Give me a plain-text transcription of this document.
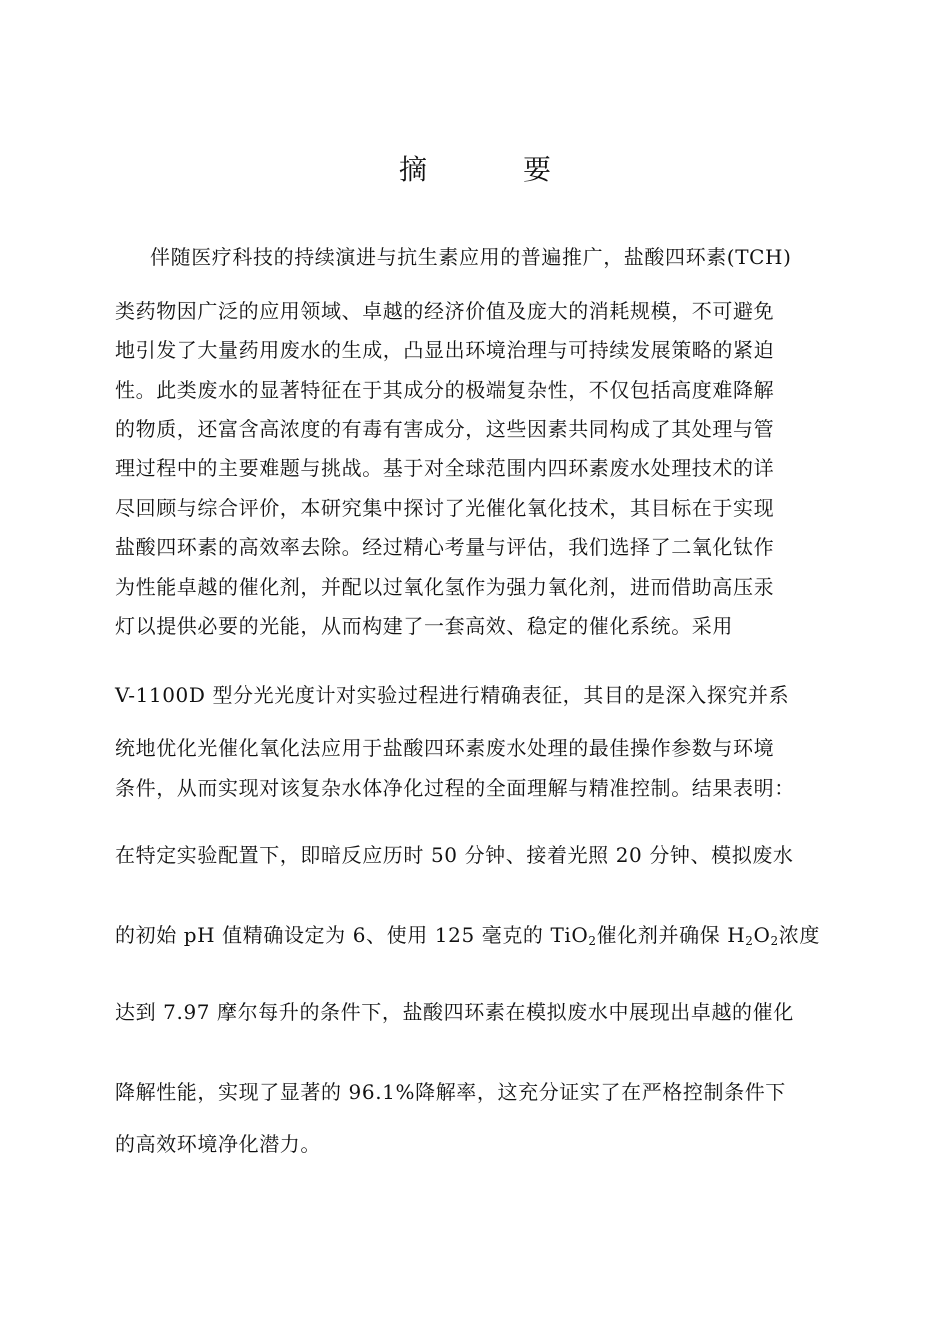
摘　要
伴随医疗科技的持续演进与抗生素应用的普遍推广，盐酸四环素(TCH)
类药物因广泛的应用领域、卓越的经济价值及庞大的消耗规模，不可避免
地引发了大量药用废水的生成，凸显出环境治理与可持续发展策略的紧迫
性。此类废水的显著特征在于其成分的极端复杂性，不仅包括高度难降解
的物质，还富含高浓度的有毒有害成分，这些因素共同构成了其处理与管
理过程中的主要难题与挑战。基于对全球范围内四环素废水处理技术的详
尽回顾与综合评价，本研究集中探讨了光催化氧化技术，其目标在于实现
盐酸四环素的高效率去除。经过精心考量与评估，我们选择了二氧化钛作
为性能卓越的催化剂，并配以过氧化氢作为强力氧化剂，进而借助高压汞
灯以提供必要的光能，从而构建了一套高效、稳定的催化系统。采用
V-1100D 型分光光度计对实验过程进行精确表征，其目的是深入探究并系
统地优化光催化氧化法应用于盐酸四环素废水处理的最佳操作参数与环境
条件，从而实现对该复杂水体净化过程的全面理解与精准控制。结果表明：
在特定实验配置下，即暗反应历时 50 分钟、接着光照 20 分钟、模拟废水
的初始 pH 值精确设定为 6、使用 125 毫克的 TiO$_2$催化剂并确保 $H_2O_2$浓度
达到 7.97 摩尔每升的条件下，盐酸四环素在模拟废水中展现出卓越的催化
降解性能，实现了显著的 96.1%降解率，这充分证实了在严格控制条件下
的高效环境净化潜力。
